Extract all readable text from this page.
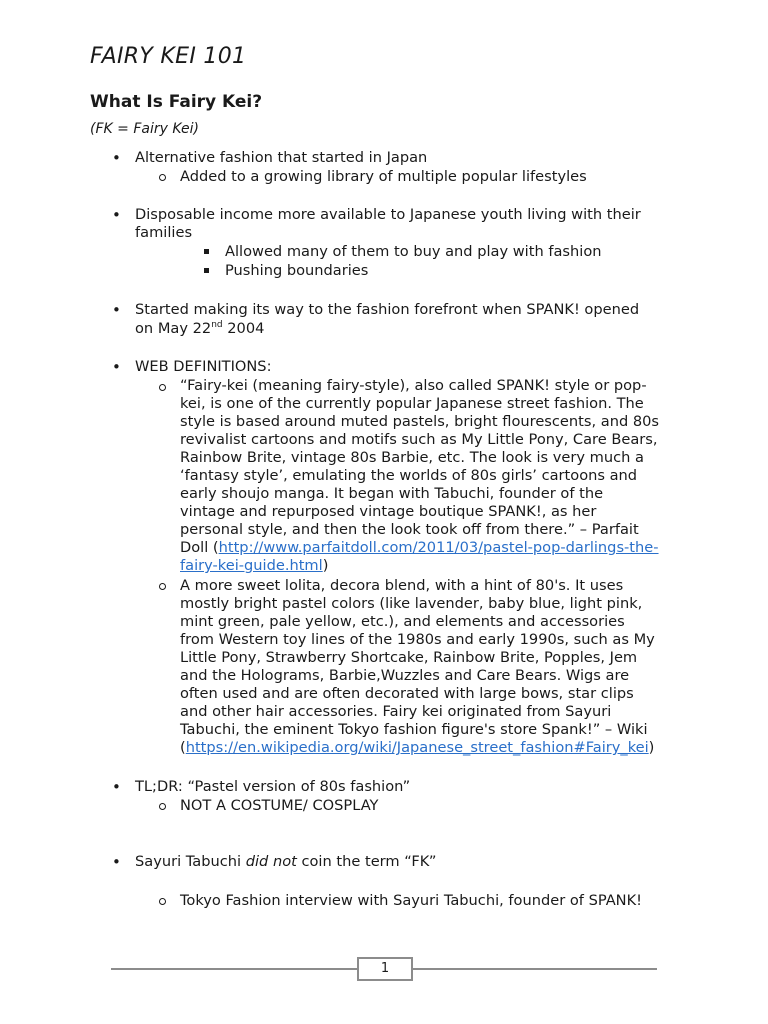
FAIRY KEI 101
What Is Fairy Kei?

(FK = Fairy Kei)

• Alternative fashion that started in Japan

Added to a growing library of multiple popular lifestyles

• Disposable income more available to Japanese youth living with their

families

Allowed many of them to buy and play with fashion

Pushing boundaries

• Started making its way to the fashion forefront when SPANK! opened

on May 22nd 2004

• WEB DEFINITIONS:

“Fairy-kei (meaning fairy-style), also called SPANK! style or pop-

kei, is one of the currently popular Japanese street fashion. The

style is based around muted pastels, bright flourescents, and 80s

revivalist cartoons and motifs such as My Little Pony, Care Bears,

Rainbow Brite, vintage 80s Barbie, etc. The look is very much a

‘fantasy style’, emulating the worlds of 80s girls’ cartoons and

early shoujo manga. It began with Tabuchi, founder of the

vintage and repurposed vintage boutique SPANK!, as her

personal style, and then the look took off from there.” – Parfait

Doll (http://www.parfaitdoll.com/2011/03/pastel-pop-darlings-the-

fairy-kei-guide.html)

A more sweet lolita, decora blend, with a hint of 80's. It uses

mostly bright pastel colors (like lavender, baby blue, light pink,

mint green, pale yellow, etc.), and elements and accessories

from Western toy lines of the 1980s and early 1990s, such as My

Little Pony, Strawberry Shortcake, Rainbow Brite, Popples, Jem

and the Holograms, Barbie,Wuzzles and Care Bears. Wigs are

often used and are often decorated with large bows, star clips

and other hair accessories. Fairy kei originated from Sayuri

Tabuchi, the eminent Tokyo fashion figure's store Spank!” – Wiki

(https://en.wikipedia.org/wiki/Japanese_street_fashion#Fairy_kei)

• TL;DR: “Pastel version of 80s fashion”

NOT A COSTUME/ COSPLAY

• Sayuri Tabuchi did not coin the term “FK”

Tokyo Fashion interview with Sayuri Tabuchi, founder of SPANK!

1
